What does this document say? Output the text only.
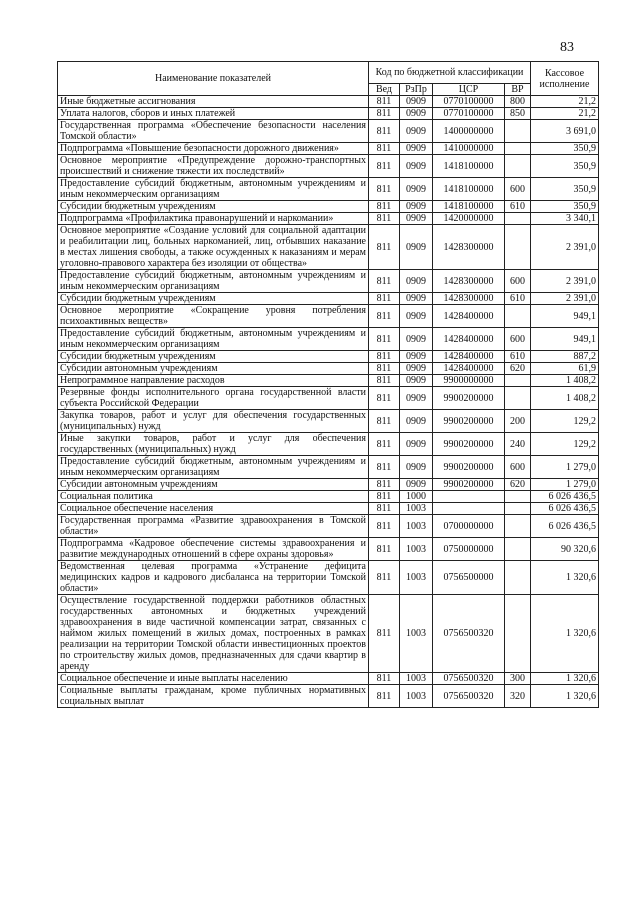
83
Наименование показателей	Код по бюджетной классификации				Кассовое исполнение
	Вед	РзПр	ЦСР	ВР	
Иные бюджетные ассигнования	811	0909	0770100000	800	21,2
Уплата налогов, сборов и иных платежей	811	0909	0770100000	850	21,2
Государственная программа «Обеспечение безопасности населения Томской области»	811	0909	1400000000		3 691,0
Подпрограмма «Повышение безопасности дорожного движения»	811	0909	1410000000		350,9
Основное мероприятие «Предупреждение дорожно-транспортных происшествий и снижение тяжести их последствий»	811	0909	1418100000		350,9
Предоставление субсидий бюджетным, автономным учреждениям и иным некоммерческим организациям	811	0909	1418100000	600	350,9
Субсидии бюджетным учреждениям	811	0909	1418100000	610	350,9
Подпрограмма «Профилактика правонарушений и наркомании»	811	0909	1420000000		3 340,1
Основное мероприятие «Создание условий для социальной адаптации и реабилитации лиц, больных наркоманией, лиц, отбывших наказание в местах лишения свободы, а также осужденных к наказаниям и мерам уголовно-правового характера без изоляции от общества»	811	0909	1428300000		2 391,0
Предоставление субсидий бюджетным, автономным учреждениям и иным некоммерческим организациям	811	0909	1428300000	600	2 391,0
Субсидии бюджетным учреждениям	811	0909	1428300000	610	2 391,0
Основное мероприятие «Сокращение уровня потребления психоактивных веществ»	811	0909	1428400000		949,1
Предоставление субсидий бюджетным, автономным учреждениям и иным некоммерческим организациям	811	0909	1428400000	600	949,1
Субсидии бюджетным учреждениям	811	0909	1428400000	610	887,2
Субсидии автономным учреждениям	811	0909	1428400000	620	61,9
Непрограммное направление расходов	811	0909	9900000000		1 408,2
Резервные фонды исполнительного органа государственной власти субъекта Российской Федерации	811	0909	9900200000		1 408,2
Закупка товаров, работ и услуг для обеспечения государственных (муниципальных) нужд	811	0909	9900200000	200	129,2
Иные закупки товаров, работ и услуг для обеспечения государственных (муниципальных) нужд	811	0909	9900200000	240	129,2
Предоставление субсидий бюджетным, автономным учреждениям и иным некоммерческим организациям	811	0909	9900200000	600	1 279,0
Субсидии автономным учреждениям	811	0909	9900200000	620	1 279,0
Социальная политика	811	1000			6 026 436,5
Социальное обеспечение населения	811	1003			6 026 436,5
Государственная программа «Развитие здравоохранения в Томской области»	811	1003	0700000000		6 026 436,5
Подпрограмма «Кадровое обеспечение системы здравоохранения и развитие международных отношений в сфере охраны здоровья»	811	1003	0750000000		90 320,6
Ведомственная целевая программа «Устранение дефицита медицинских кадров и кадрового дисбаланса на территории Томской области»	811	1003	0756500000		1 320,6
Осуществление государственной поддержки работников областных государственных автономных и бюджетных учреждений здравоохранения в виде частичной компенсации затрат, связанных с наймом жилых помещений в жилых домах, построенных в рамках реализации на территории Томской области инвестиционных проектов по строительству жилых домов, предназначенных для сдачи квартир в аренду	811	1003	0756500320		1 320,6
Социальное обеспечение и иные выплаты населению	811	1003	0756500320	300	1 320,6
Социальные выплаты гражданам, кроме публичных нормативных социальных выплат	811	1003	0756500320	320	1 320,6
